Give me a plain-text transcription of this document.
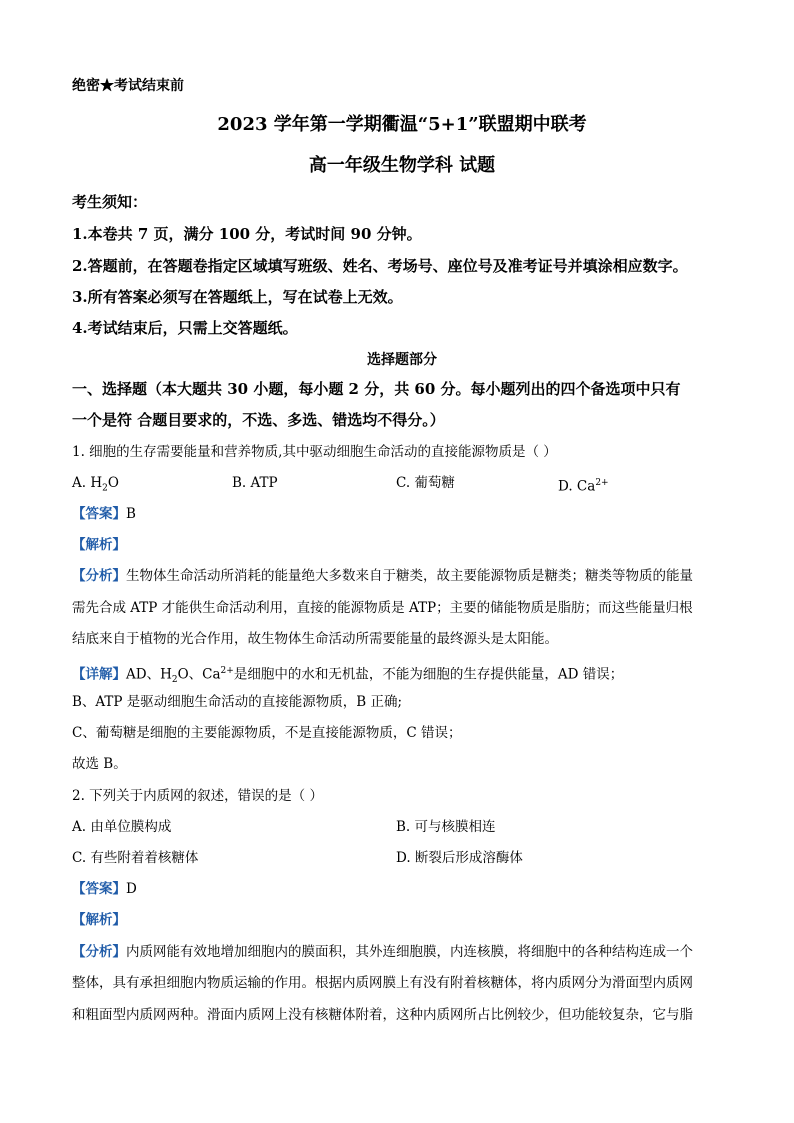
绝密★考试结束前
2023 学年第一学期衢温“5+1”联盟期中联考
高一年级生物学科 试题
考生须知：
1.本卷共 7 页，满分 100 分，考试时间 90 分钟。
2.答题前，在答题卷指定区域填写班级、姓名、考场号、座位号及准考证号并填涂相应数字。
3.所有答案必须写在答题纸上，写在试卷上无效。
4.考试结束后，只需上交答题纸。
选择题部分
一、选择题（本大题共 30 小题，每小题 2 分，共 60 分。每小题列出的四个备选项中只有
一个是符 合题目要求的，不选、多选、错选均不得分。）
1. 细胞的生存需要能量和营养物质,其中驱动细胞生命活动的直接能源物质是（ ）
A. $H_2O$	B. ATP	C. 葡萄糖	D. $Ca^{2+}$
【答案】B
【解析】
【分析】生物体生命活动所消耗的能量绝大多数来自于糖类，故主要能源物质是糖类；糖类等物质的能量
需先合成 ATP 才能供生命活动利用，直接的能源物质是 ATP；主要的储能物质是脂肪；而这些能量归根
结底来自于植物的光合作用，故生物体生命活动所需要能量的最终源头是太阳能。
【详解】AD、$H_2O$、$Ca^{2+}$是细胞中的水和无机盐，不能为细胞的生存提供能量，AD 错误；
B、ATP 是驱动细胞生命活动的直接能源物质，B 正确;
C、葡萄糖是细胞的主要能源物质，不是直接能源物质，C 错误；
故选 B。
2. 下列关于内质网的叙述，错误的是（ ）
A. 由单位膜构成	B. 可与核膜相连
C. 有些附着着核糖体	D. 断裂后形成溶酶体
【答案】D
【解析】
【分析】内质网能有效地增加细胞内的膜面积，其外连细胞膜，内连核膜，将细胞中的各种结构连成一个
整体，具有承担细胞内物质运输的作用。根据内质网膜上有没有附着核糖体，将内质网分为滑面型内质网
和粗面型内质网两种。滑面内质网上没有核糖体附着，这种内质网所占比例较少，但功能较复杂，它与脂
